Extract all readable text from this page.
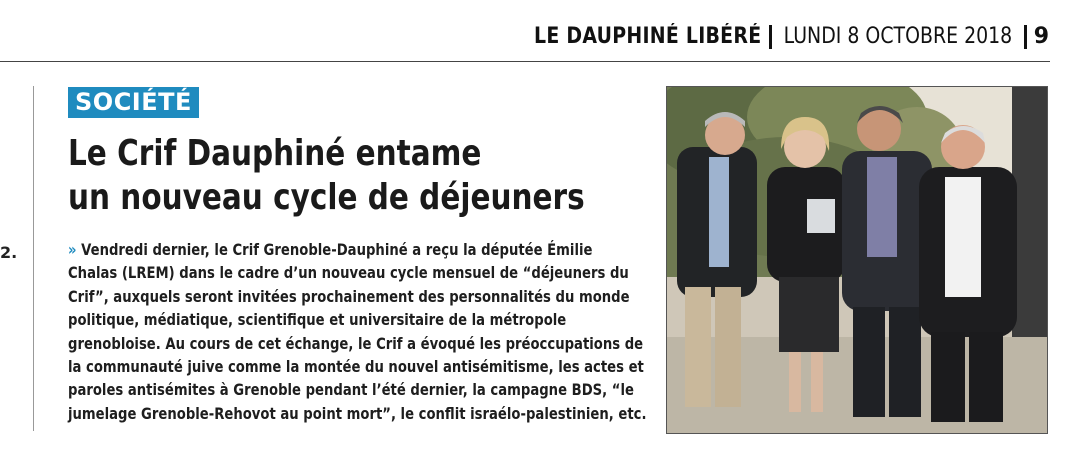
LE DAUPHINÉ LIBÉRÉ LUNDI 8 OCTOBRE 2018 9
2.
SOCIÉTÉ
Le Crif Dauphiné entame
un nouveau cycle de déjeuners
» Vendredi dernier, le Crif Grenoble-Dauphiné a reçu la députée Émilie
Chalas (LREM) dans le cadre d’un nouveau cycle mensuel de “déjeuners du
Crif”, auxquels seront invitées prochainement des personnalités du monde
politique, médiatique, scientifique et universitaire de la métropole
grenobloise. Au cours de cet échange, le Crif a évoqué les préoccupations de
la communauté juive comme la montée du nouvel antisémitisme, les actes et
paroles antisémites à Grenoble pendant l’été dernier, la campagne BDS, “le
jumelage Grenoble-Rehovot au point mort”, le conflit israélo-palestinien, etc.
